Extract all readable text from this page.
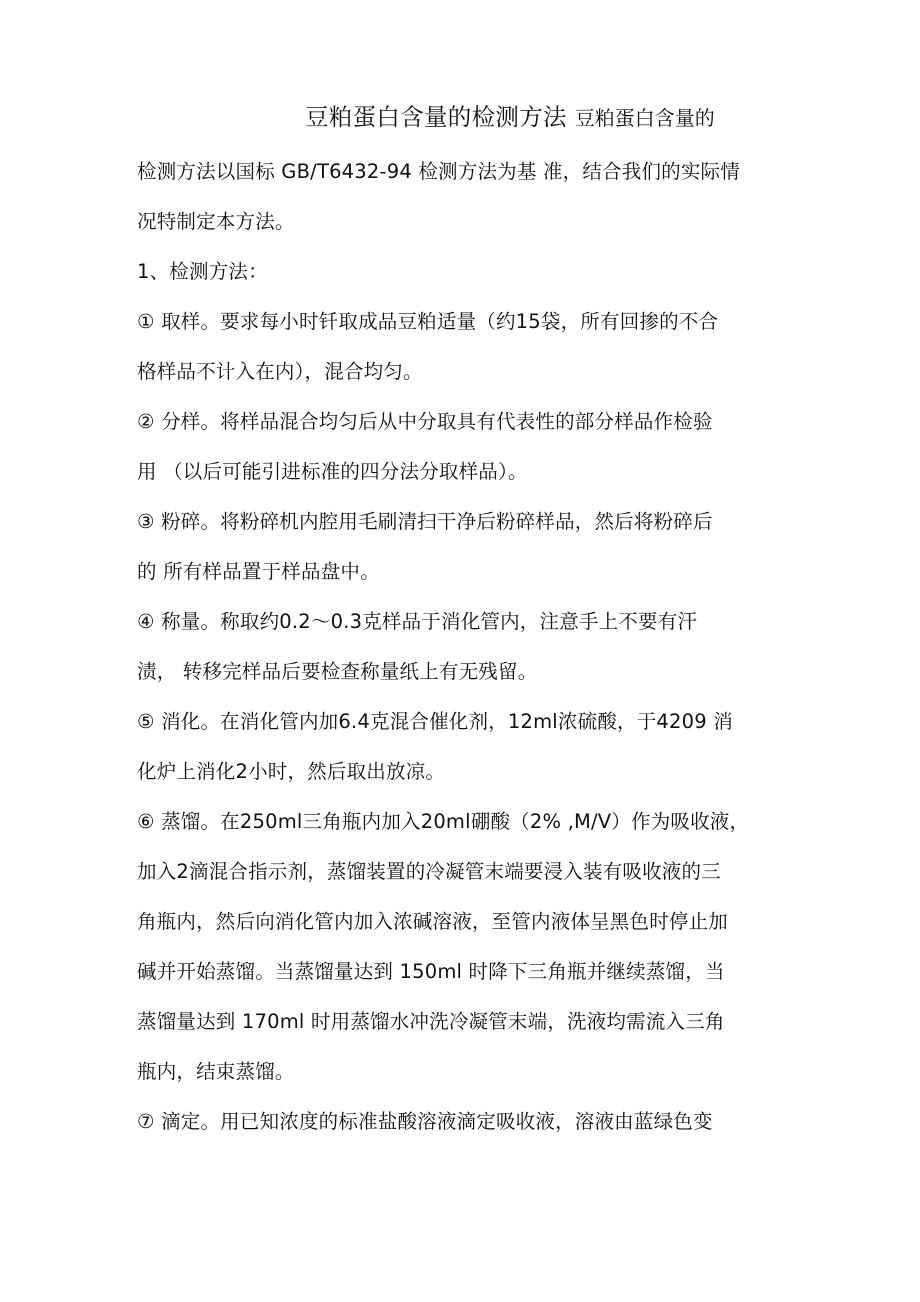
豆粕蛋白含量的检测方法 豆粕蛋白含量的
检测方法以国标 GB/T6432-94 检测方法为基 准，结合我们的实际情
况特制定本方法。
1、检测方法：
① 取样。要求每小时钎取成品豆粕适量（约15袋，所有回掺的不合
格样品不计入在内），混合均匀。
② 分样。将样品混合均匀后从中分取具有代表性的部分样品作检验
用 （以后可能引进标准的四分法分取样品）。
③ 粉碎。将粉碎机内腔用毛刷清扫干净后粉碎样品，然后将粉碎后
的 所有样品置于样品盘中。
④ 称量。称取约0.2〜0.3克样品于消化管内，注意手上不要有汗
渍， 转移完样品后要检查称量纸上有无残留。
⑤ 消化。在消化管内加6.4克混合催化剂，12ml浓硫酸，于4209 消
化炉上消化2小时，然后取出放凉。
⑥ 蒸馏。在250ml三角瓶内加入20ml硼酸（2% ,M/V）作为吸收液，
加入2滴混合指示剂，蒸馏装置的冷凝管末端要浸入装有吸收液的三
角瓶内，然后向消化管内加入浓碱溶液，至管内液体呈黑色时停止加
碱并开始蒸馏。当蒸馏量达到 150ml 时降下三角瓶并继续蒸馏，当
蒸馏量达到 170ml 时用蒸馏水冲洗冷凝管末端，洗液均需流入三角
瓶内，结束蒸馏。
⑦ 滴定。用已知浓度的标准盐酸溶液滴定吸收液，溶液由蓝绿色变
